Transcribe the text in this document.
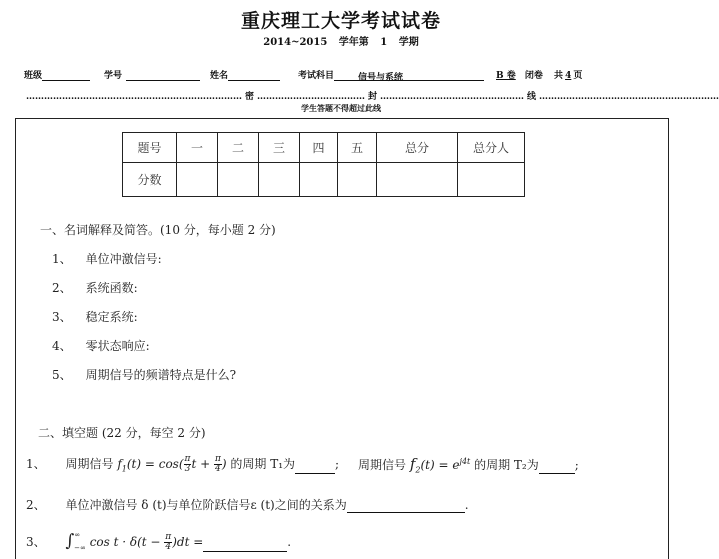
重庆理工大学考试试卷
2014~2015 学年第 1 学期
班级	学号	姓名	考试科目	信号与系统	B 卷 闭卷 共 4 页
……………………………………………………………… 密 ……………………………… 封 ………………………………………… 线 ……………………………………………………
学生答题不得超过此线
题号	一	二	三	四	五	总分	总分人
分数							
一、名词解释及简答。(10 分，每小题 2 分)
1、 单位冲激信号:
2、 系统函数:
3、 稳定系统:
4、 零状态响应:
5、 周期信号的频谱特点是什么?
二、填空题 (22 分，每空 2 分)
1、 周期信号 $f_1(t) = \cos( \frac{\pi}{3}$ $t + \frac{\pi}{4}$ ) 的周期 T₁为	; 周期信号 $f_2(t) = e^{j4t}$ 的周期 T₂为	;
2、 单位冲激信号 δ (t)与单位阶跃信号ε (t)之间的关系为	.
3、 ∫∞−∞ $\cos t \cdot \delta(t - \frac{\pi}{4} )dt$ =	.
